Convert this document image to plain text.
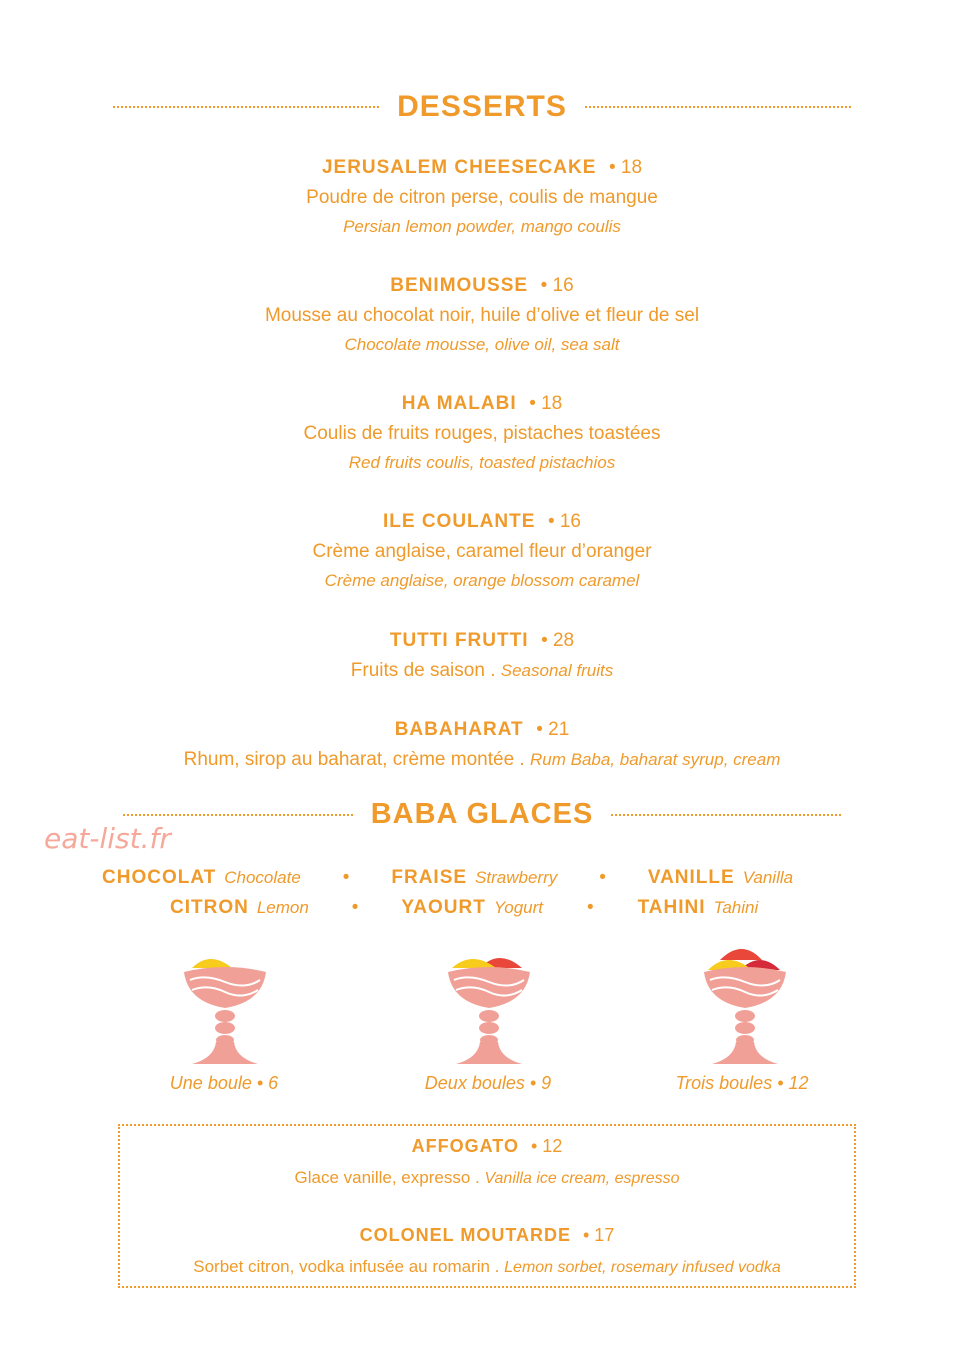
DESSERTS
JERUSALEM CHEESECAKE • 18
Poudre de citron perse, coulis de mangue
Persian lemon powder, mango coulis
BENIMOUSSE • 16
Mousse au chocolat noir, huile d’olive et fleur de sel
Chocolate mousse, olive oil, sea salt
HA MALABI • 18
Coulis de fruits rouges, pistaches toastées
Red fruits coulis, toasted pistachios
ILE COULANTE • 16
Crème anglaise, caramel fleur d’oranger
Crème anglaise, orange blossom caramel
TUTTI FRUTTI • 28
Fruits de saison . Seasonal fruits
BABAHARAT • 21
Rhum, sirop au baharat, crème montée . Rum Baba, baharat syrup, cream
BABA GLACES
eat-list.fr
CHOCOLAT Chocolate • FRAISE Strawberry • VANILLE Vanilla
CITRON Lemon • YAOURT Yogurt • TAHINI Tahini
Une boule • 6	Deux boules • 9	Trois boules • 12
AFFOGATO • 12
Glace vanille, expresso . Vanilla ice cream, espresso
COLONEL MOUTARDE • 17
Sorbet citron, vodka infusée au romarin . Lemon sorbet, rosemary infused vodka
